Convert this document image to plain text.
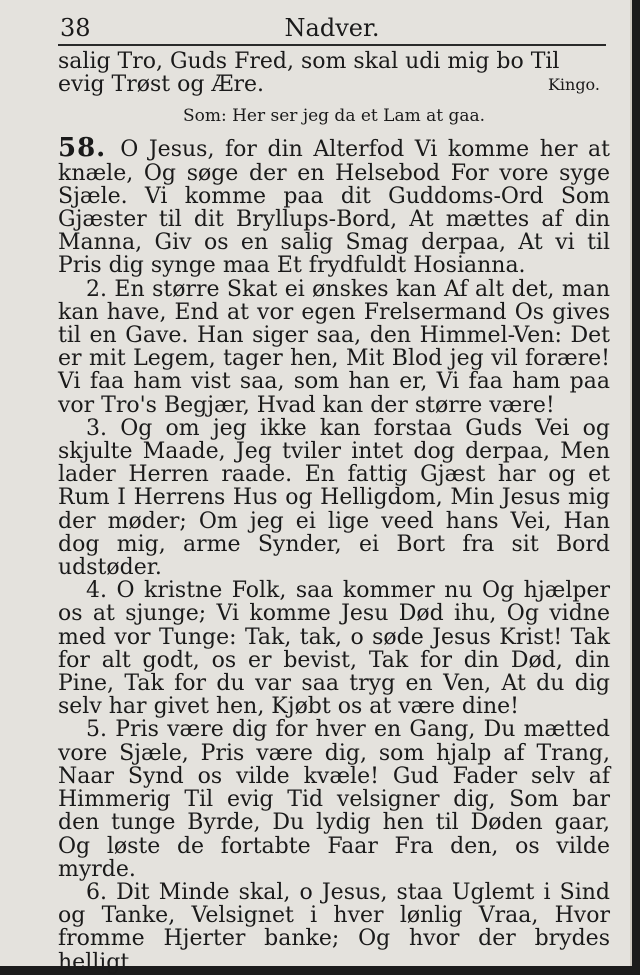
38	Nadver.

salig Tro, Guds Fred, som skal udi mig bo Til evig Trøst og Ære.	Kingo.

Som: Her ser jeg da et Lam at gaa.

58. O Jesus, for din Alterfod Vi komme her at knæle, Og søge der en Helsebod For vore syge Sjæle. Vi komme paa dit Guddoms-Ord Som Gjæster til dit Bryllups-Bord, At mættes af din Manna, Giv os en salig Smag derpaa, At vi til Pris dig synge maa Et frydfuldt Hosianna.

2. En større Skat ei ønskes kan Af alt det, man kan have, End at vor egen Frelsermand Os gives til en Gave. Han siger saa, den Himmel-Ven: Det er mit Legem, tager hen, Mit Blod jeg vil forære! Vi faa ham vist saa, som han er, Vi faa ham paa vor Tro's Begjær, Hvad kan der større være!

3. Og om jeg ikke kan forstaa Guds Vei og skjulte Maade, Jeg tviler intet dog derpaa, Men lader Herren raade. En fattig Gjæst har og et Rum I Herrens Hus og Helligdom, Min Jesus mig der møder; Om jeg ei lige veed hans Vei, Han dog mig, arme Synder, ei Bort fra sit Bord udstøder.

4. O kristne Folk, saa kommer nu Og hjælper os at sjunge; Vi komme Jesu Død ihu, Og vidne med vor Tunge: Tak, tak, o søde Jesus Krist! Tak for alt godt, os er bevist, Tak for din Død, din Pine, Tak for du var saa tryg en Ven, At du dig selv har givet hen, Kjøbt os at være dine!

5. Pris være dig for hver en Gang, Du mætted vore Sjæle, Pris være dig, som hjalp af Trang, Naar Synd os vilde kvæle! Gud Fader selv af Himmerig Til evig Tid velsigner dig, Som bar den tunge Byrde, Du lydig hen til Døden gaar, Og løste de fortabte Faar Fra den, os vilde myrde.

6. Dit Minde skal, o Jesus, staa Uglemt i Sind og Tanke, Velsignet i hver lønlig Vraa, Hvor fromme Hjerter banke; Og hvor der brydes helligt
